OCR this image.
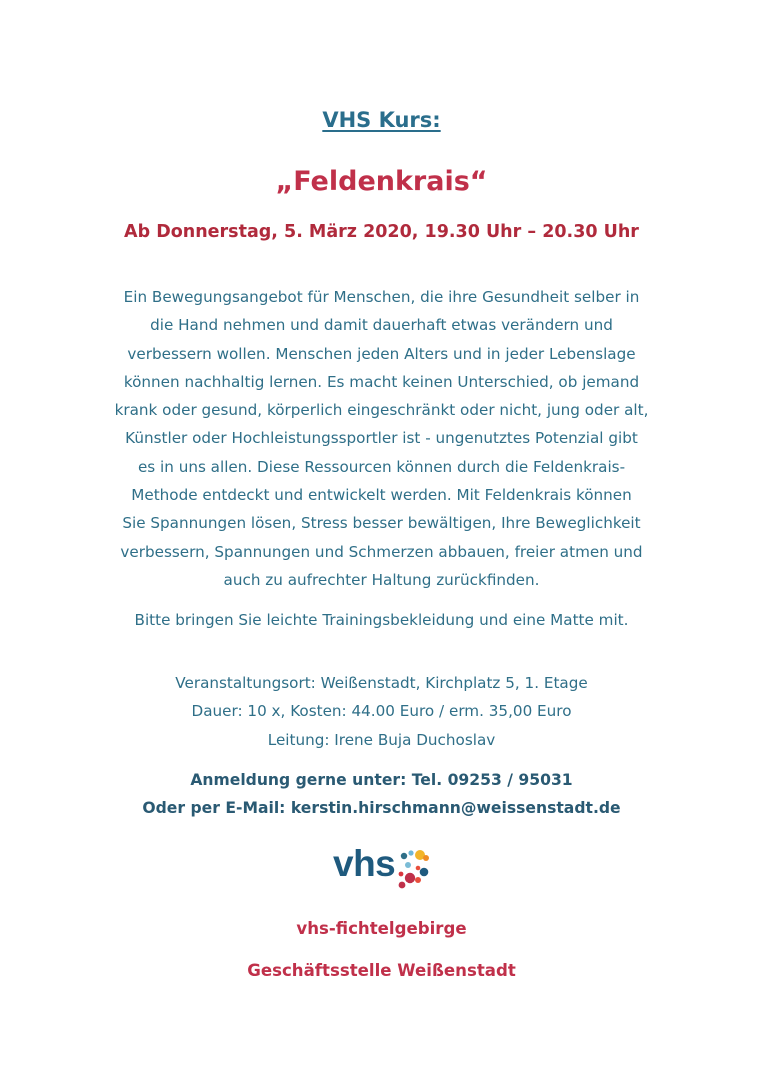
VHS Kurs:

„Feldenkrais“

Ab Donnerstag, 5. März 2020, 19.30 Uhr – 20.30 Uhr

Ein Bewegungsangebot für Menschen, die ihre Gesundheit selber in
die Hand nehmen und damit dauerhaft etwas verändern und
verbessern wollen. Menschen jeden Alters und in jeder Lebenslage
können nachhaltig lernen. Es macht keinen Unterschied, ob jemand
krank oder gesund, körperlich eingeschränkt oder nicht, jung oder alt,
Künstler oder Hochleistungssportler ist - ungenutztes Potenzial gibt
es in uns allen. Diese Ressourcen können durch die Feldenkrais-
Methode entdeckt und entwickelt werden. Mit Feldenkrais können
Sie Spannungen lösen, Stress besser bewältigen, Ihre Beweglichkeit
verbessern, Spannungen und Schmerzen abbauen, freier atmen und
auch zu aufrechter Haltung zurückfinden.

Bitte bringen Sie leichte Trainingsbekleidung und eine Matte mit.

Veranstaltungsort: Weißenstadt, Kirchplatz 5, 1. Etage
Dauer: 10 x, Kosten: 44.00 Euro / erm. 35,00 Euro
Leitung: Irene Buja Duchoslav
Anmeldung gerne unter: Tel. 09253 / 95031
Oder per E-Mail: kerstin.hirschmann@weissenstadt.de
vhs

vhs-fichtelgebirge

Geschäftsstelle Weißenstadt
